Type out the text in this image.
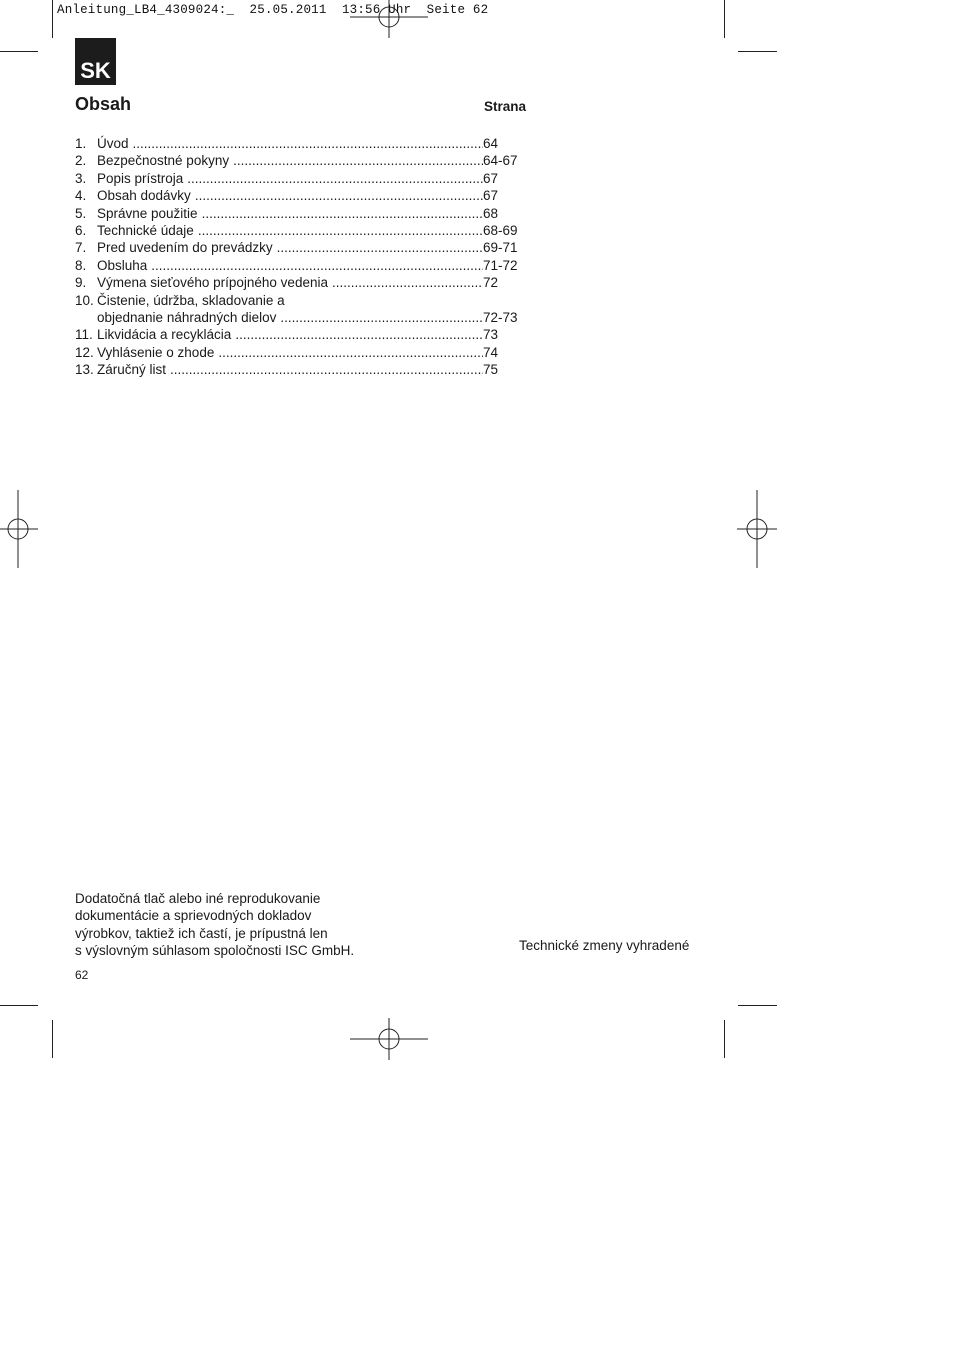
Anleitung_LB4_4309024:_  25.05.2011  13:56 Uhr  Seite 62
SK
Obsah	Strana
1. Úvod .....	64
2. Bezpečnostné pokyny .....	64-67
3. Popis prístroja .....	67
4. Obsah dodávky .....	67
5. Správne použitie .....	68
6. Technické údaje .....	68-69
7. Pred uvedením do prevádzky .....	69-71
8. Obsluha .....	71-72
9. Výmena sieťového prípojného vedenia .....	72
10. Čistenie, údržba, skladovanie a
objednanie náhradných dielov .....	72-73
11. Likvidácia a recyklácia .....	73
12. Vyhlásenie o zhode .....	74
13. Záručný list .....	75
Dodatočná tlač alebo iné reprodukovanie
dokumentácie a sprievodných dokladov
výrobkov, taktiež ich častí, je prípustná len
s výslovným súhlasom spoločnosti ISC GmbH.	Technické zmeny vyhradené
62
